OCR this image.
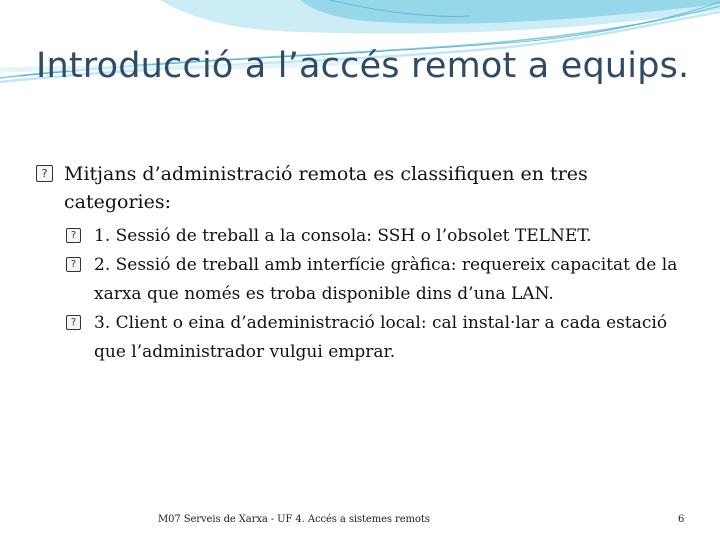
Introducció a l’accés remot a equips.
? Mitjans d’administració remota es classifiquen en tres categories:
? 1. Sessió de treball a la consola: SSH o l’obsolet TELNET.
? 2. Sessió de treball amb interfície gràfica: requereix capacitat de la xarxa que només es troba disponible dins d’una LAN.
? 3. Client o eina d’adeministració local: cal instal·lar a cada estació que l’administrador vulgui emprar.
M07 Serveis de Xarxa - UF 4. Accés a sistemes remots	6
